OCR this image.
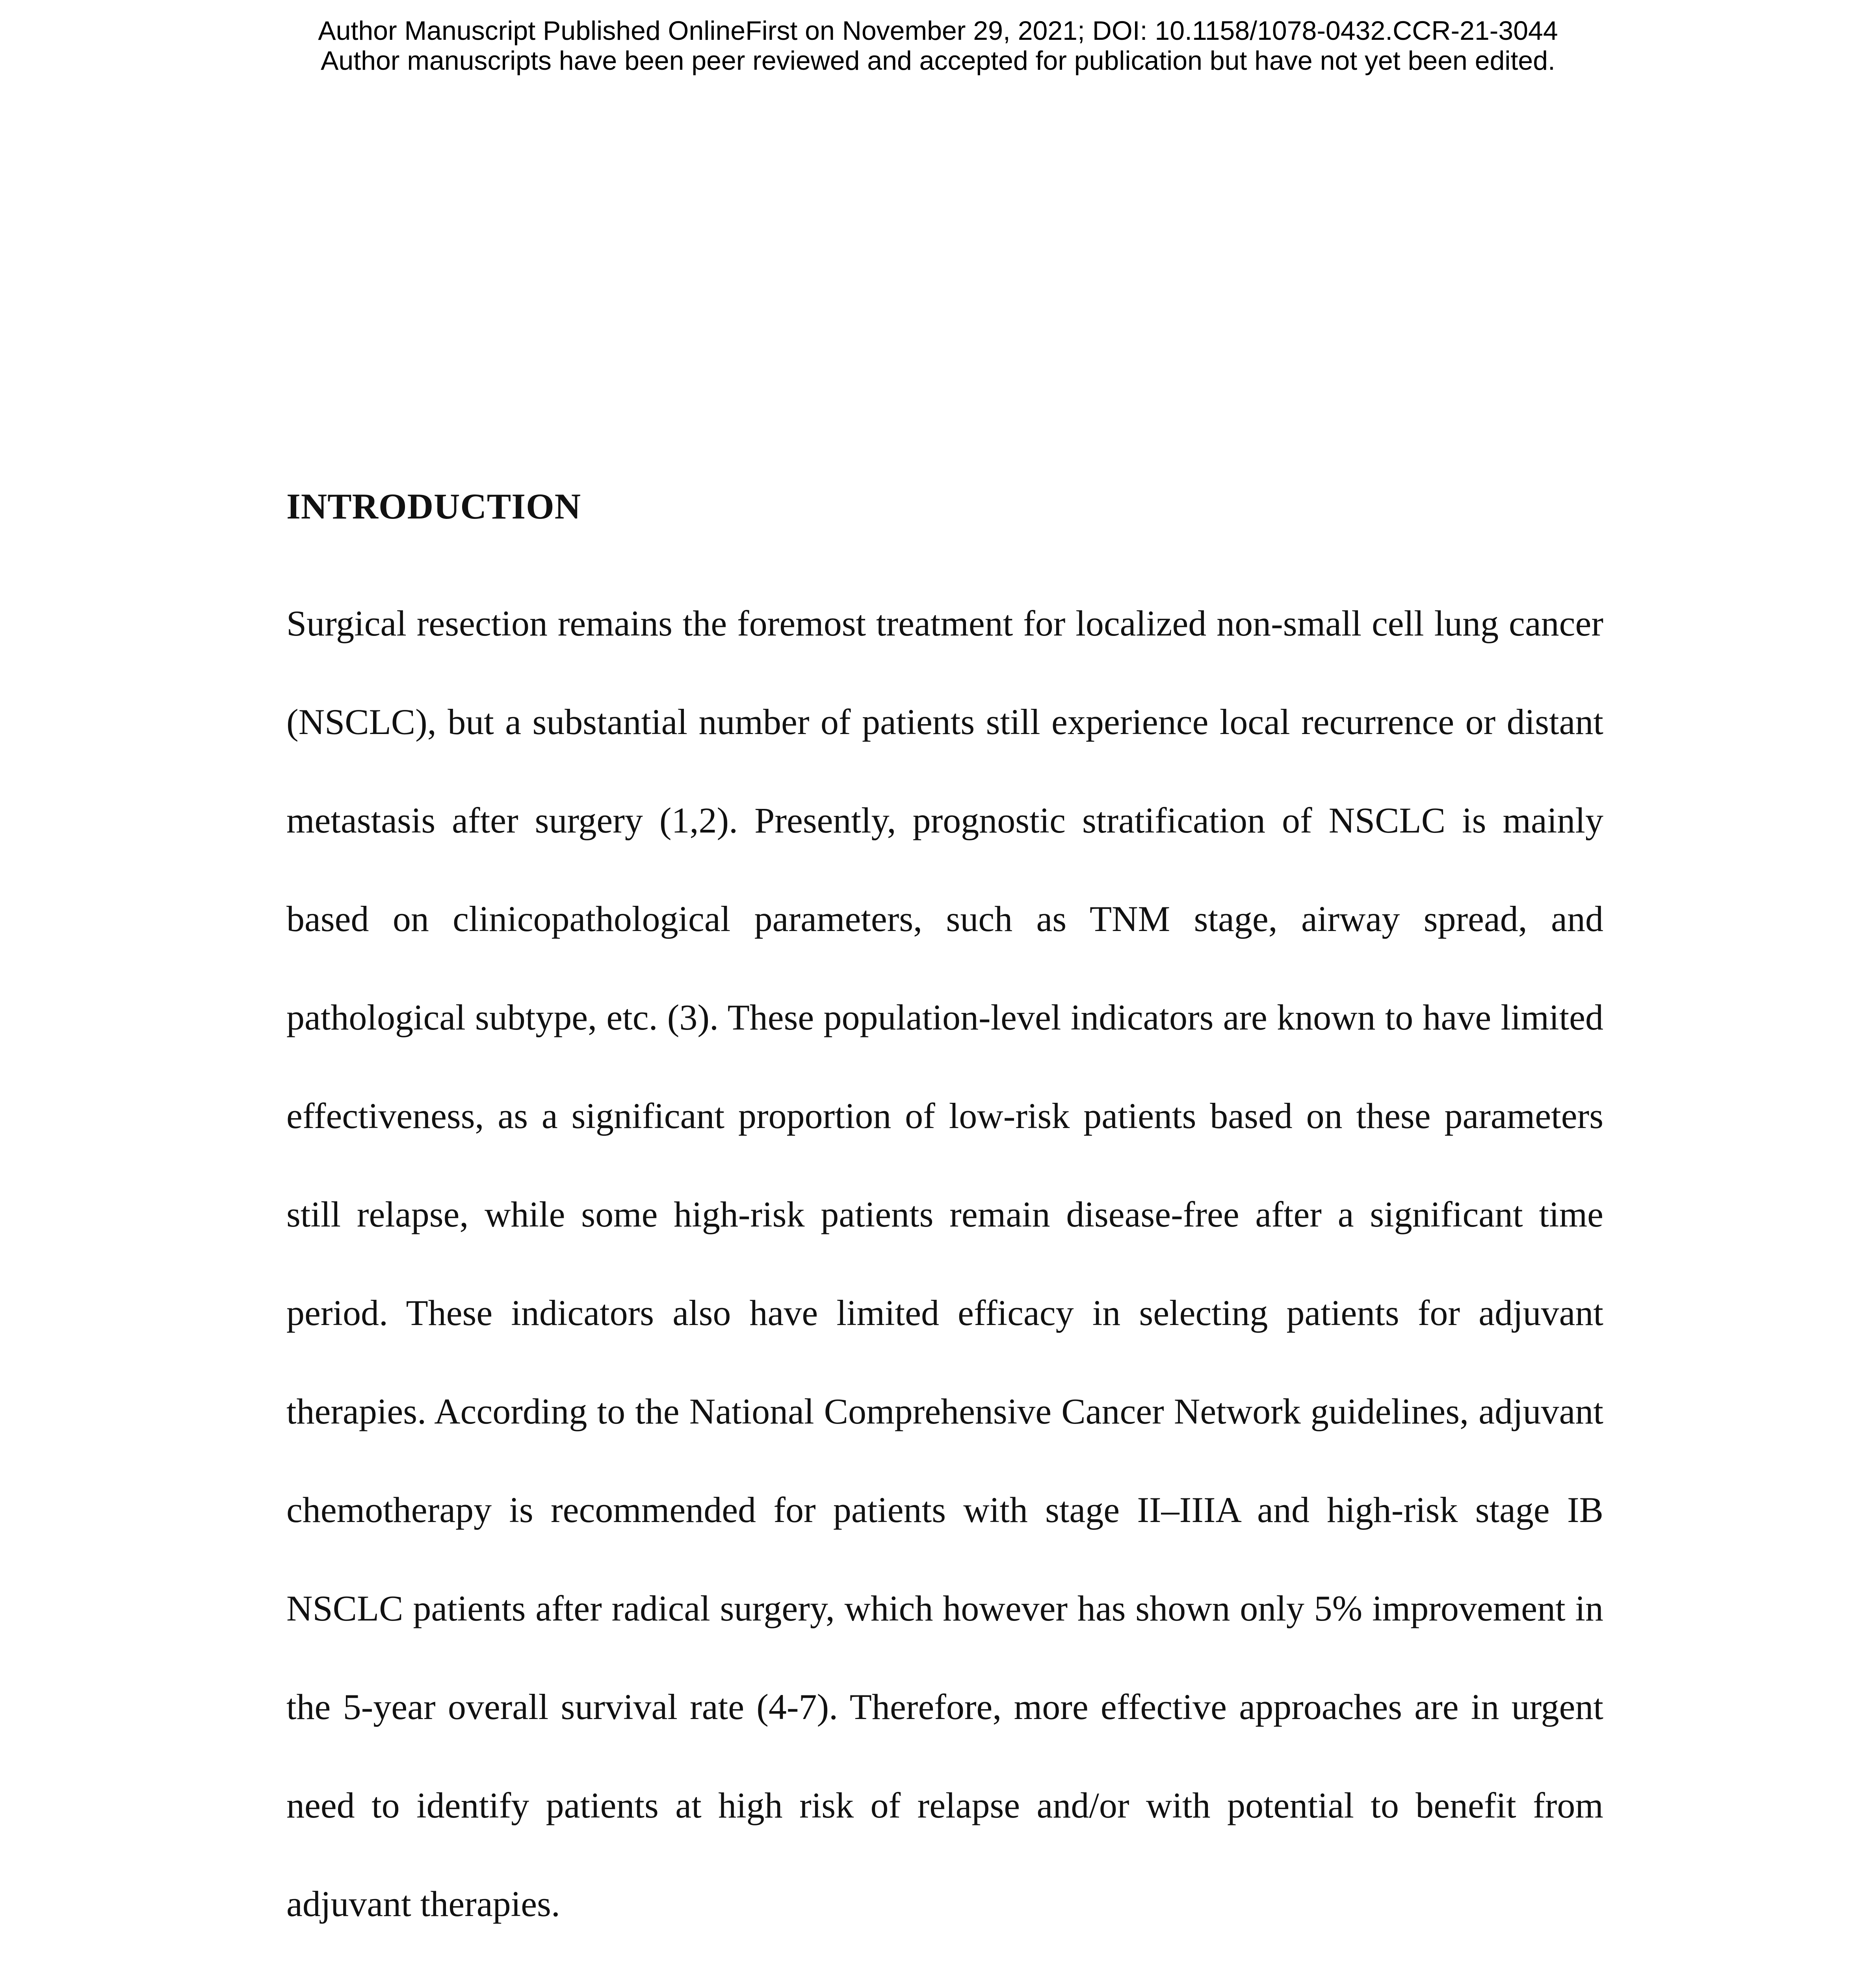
Author Manuscript Published OnlineFirst on November 29, 2021; DOI: 10.1158/1078-0432.CCR-21-3044
Author manuscripts have been peer reviewed and accepted for publication but have not yet been edited.
INTRODUCTION

Surgical resection remains the foremost treatment for localized non-small cell lung cancer (NSCLC), but a substantial number of patients still experience local recurrence or distant metastasis after surgery (1,2). Presently, prognostic stratification of NSCLC is mainly based on clinicopathological parameters, such as TNM stage, airway spread, and pathological subtype, etc. (3). These population-level indicators are known to have limited effectiveness, as a significant proportion of low-risk patients based on these parameters still relapse, while some high-risk patients remain disease-free after a significant time period. These indicators also have limited efficacy in selecting patients for adjuvant therapies. According to the National Comprehensive Cancer Network guidelines, adjuvant chemotherapy is recommended for patients with stage II–IIIA and high-risk stage IB NSCLC patients after radical surgery, which however has shown only 5% improvement in the 5-year overall survival rate (4-7). Therefore, more effective approaches are in urgent need to identify patients at high risk of relapse and/or with potential to benefit from adjuvant therapies.
